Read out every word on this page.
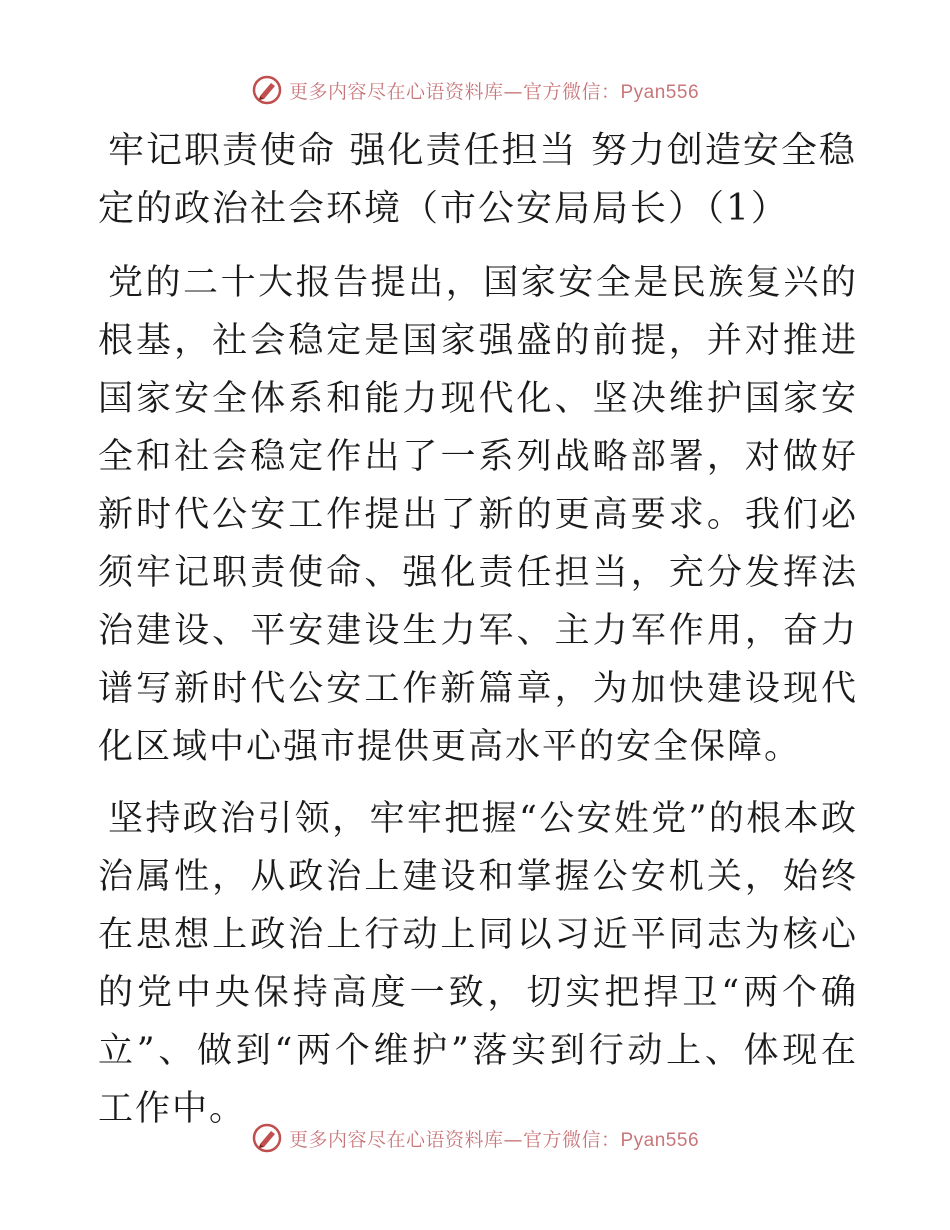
更多内容尽在心语资料库—官方微信：Pyan556
牢记职责使命 强化责任担当 努力创造安全稳定的政治社会环境（市公安局局长）（1）

党的二十大报告提出，国家安全是民族复兴的根基，社会稳定是国家强盛的前提，并对推进国家安全体系和能力现代化、坚决维护国家安全和社会稳定作出了一系列战略部署，对做好新时代公安工作提出了新的更高要求。我们必须牢记职责使命、强化责任担当，充分发挥法治建设、平安建设生力军、主力军作用，奋力谱写新时代公安工作新篇章，为加快建设现代化区域中心强市提供更高水平的安全保障。

坚持政治引领，牢牢把握“公安姓党”的根本政治属性，从政治上建设和掌握公安机关，始终在思想上政治上行动上同以习近平同志为核心的党中央保持高度一致，切实把捍卫“两个确立”、做到“两个维护”落实到行动上、体现在工作中。

更多内容尽在心语资料库—官方微信：Pyan556
